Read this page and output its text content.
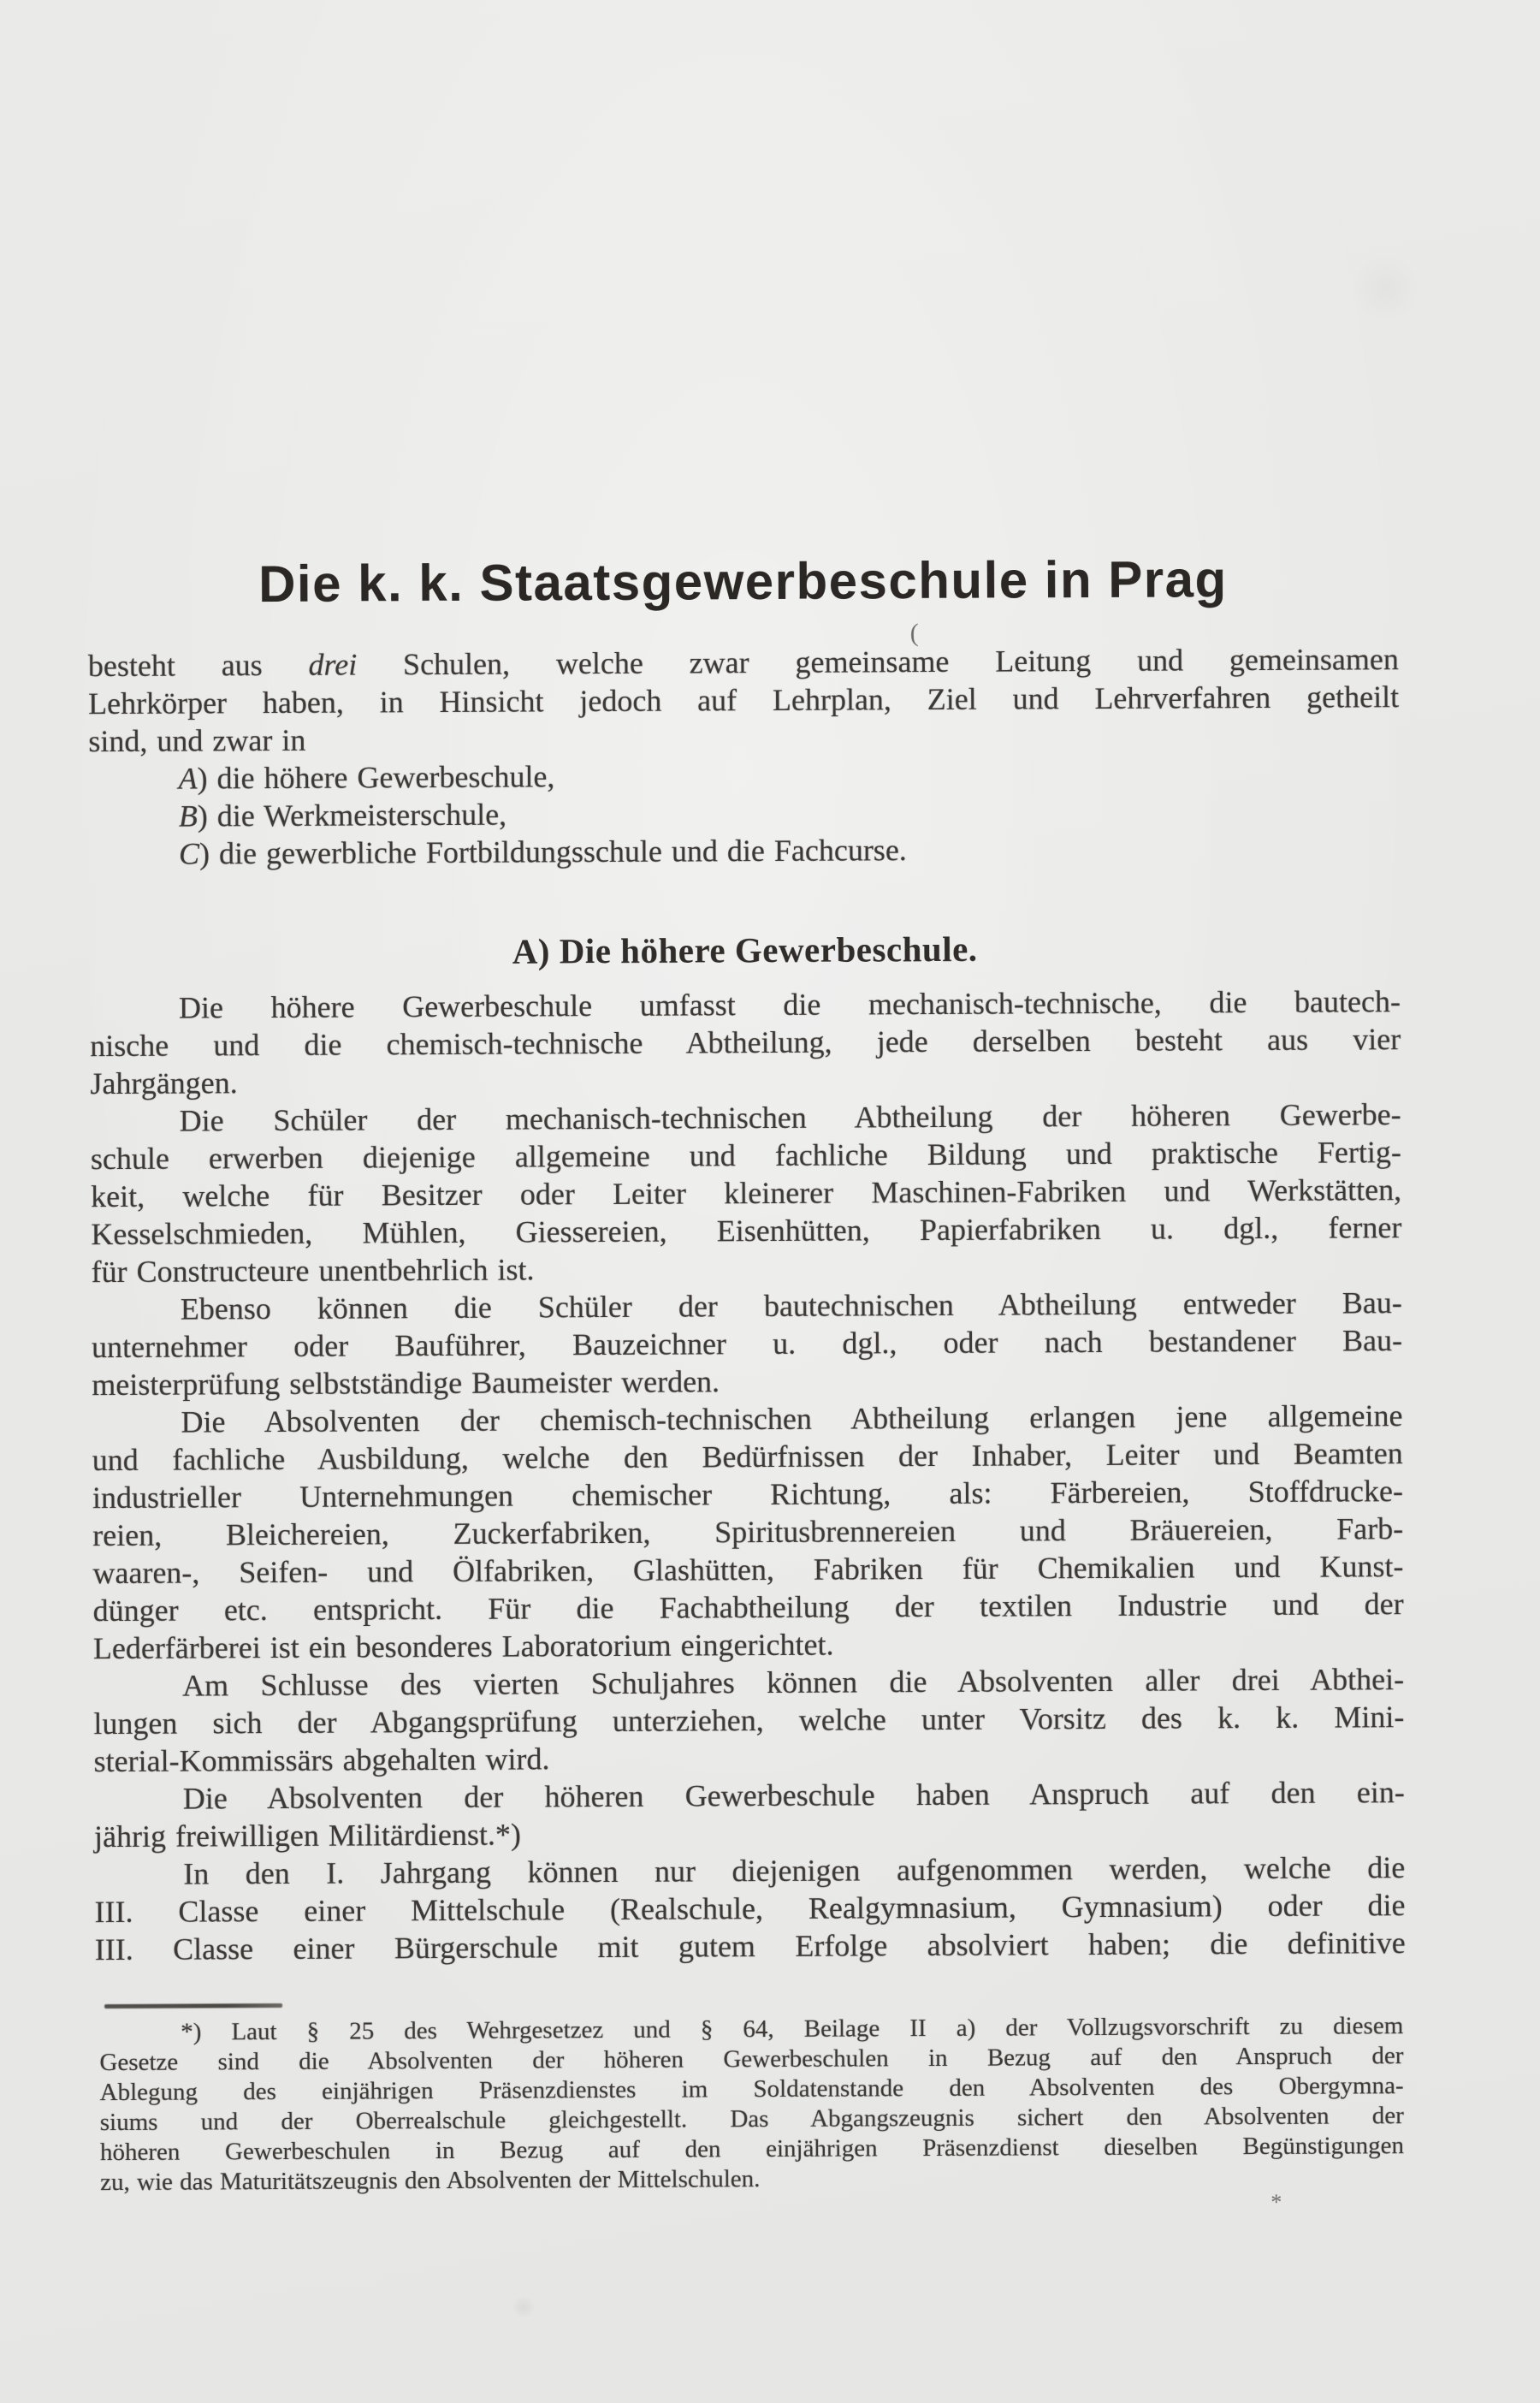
Die k. k. Staatsgewerbeschule in Prag
(
besteht aus drei Schulen, welche zwar gemeinsame Leitung und gemeinsamen
Lehrkörper haben, in Hinsicht jedoch auf Lehrplan, Ziel und Lehrverfahren getheilt
sind, und zwar in
A) die höhere Gewerbeschule,
B) die Werkmeisterschule,
C) die gewerbliche Fortbildungsschule und die Fachcurse.
A) Die höhere Gewerbeschule.
Die höhere Gewerbeschule umfasst die mechanisch-technische, die bautech-
nische und die chemisch-technische Abtheilung, jede derselben besteht aus vier
Jahrgängen.
Die Schüler der mechanisch-technischen Abtheilung der höheren Gewerbe-
schule erwerben diejenige allgemeine und fachliche Bildung und praktische Fertig-
keit, welche für Besitzer oder Leiter kleinerer Maschinen-Fabriken und Werkstätten,
Kesselschmieden, Mühlen, Giessereien, Eisenhütten, Papierfabriken u. dgl., ferner
für Constructeure unentbehrlich ist.
Ebenso können die Schüler der bautechnischen Abtheilung entweder Bau-
unternehmer oder Bauführer, Bauzeichner u. dgl., oder nach bestandener Bau-
meisterprüfung selbstständige Baumeister werden.
Die Absolventen der chemisch-technischen Abtheilung erlangen jene allgemeine
und fachliche Ausbildung, welche den Bedürfnissen der Inhaber, Leiter und Beamten
industrieller Unternehmungen chemischer Richtung, als: Färbereien, Stoffdrucke-
reien, Bleichereien, Zuckerfabriken, Spiritusbrennereien und Bräuereien, Farb-
waaren-, Seifen- und Ölfabriken, Glashütten, Fabriken für Chemikalien und Kunst-
dünger etc. entspricht. Für die Fachabtheilung der textilen Industrie und der
Lederfärberei ist ein besonderes Laboratorium eingerichtet.
Am Schlusse des vierten Schuljahres können die Absolventen aller drei Abthei-
lungen sich der Abgangsprüfung unterziehen, welche unter Vorsitz des k. k. Mini-
sterial-Kommissärs abgehalten wird.
Die Absolventen der höheren Gewerbeschule haben Anspruch auf den ein-
jährig freiwilligen Militärdienst.*)
In den I. Jahrgang können nur diejenigen aufgenommen werden, welche die
III. Classe einer Mittelschule (Realschule, Realgymnasium, Gymnasium) oder die
III. Classe einer Bürgerschule mit gutem Erfolge absolviert haben; die definitive
*) Laut § 25 des Wehrgesetzez und § 64, Beilage II a) der Vollzugsvorschrift zu diesem
Gesetze sind die Absolventen der höheren Gewerbeschulen in Bezug auf den Anspruch der
Ablegung des einjährigen Präsenzdienstes im Soldatenstande den Absolventen des Obergymna-
siums und der Oberrealschule gleichgestellt. Das Abgangszeugnis sichert den Absolventen der
höheren Gewerbeschulen in Bezug auf den einjährigen Präsenzdienst dieselben Begünstigungen
zu, wie das Maturitätszeugnis den Absolventen der Mittelschulen.
*
